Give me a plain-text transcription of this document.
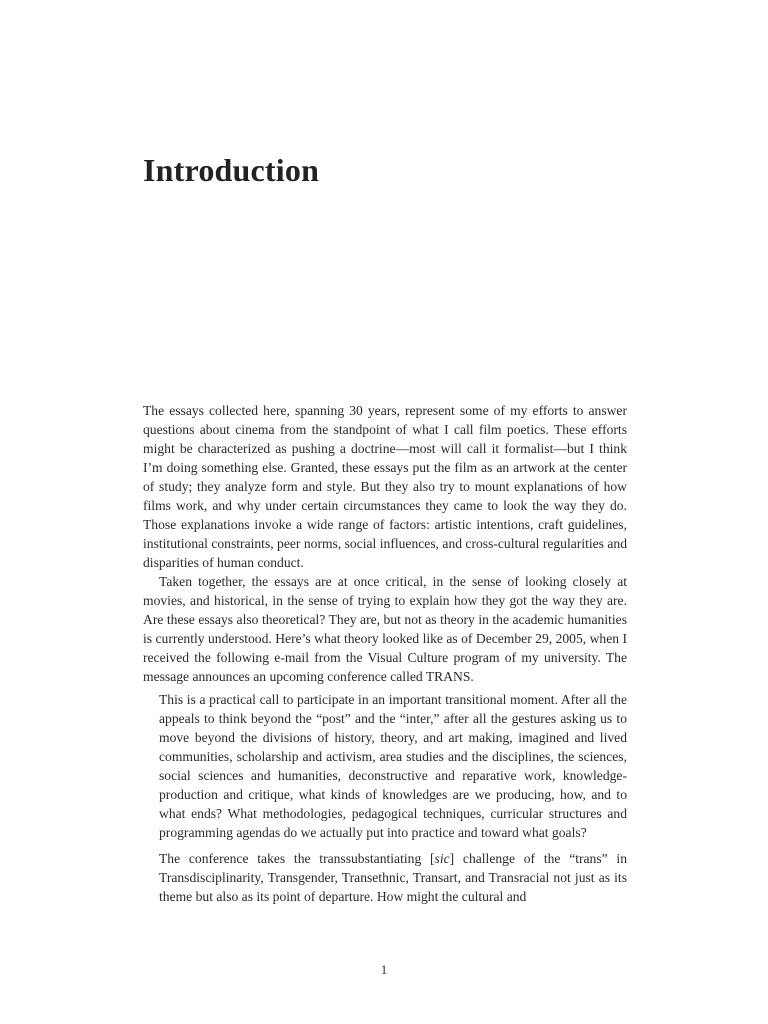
Introduction

The essays collected here, spanning 30 years, represent some of my efforts to answer questions about cinema from the standpoint of what I call film poetics. These efforts might be characterized as pushing a doctrine—most will call it formalist—but I think I’m doing something else. Granted, these essays put the film as an artwork at the center of study; they analyze form and style. But they also try to mount explanations of how films work, and why under certain circumstances they came to look the way they do. Those explanations invoke a wide range of factors: artistic intentions, craft guidelines, institutional constraints, peer norms, social influences, and cross-cultural regularities and disparities of human conduct.

Taken together, the essays are at once critical, in the sense of looking closely at movies, and historical, in the sense of trying to explain how they got the way they are. Are these essays also theoretical? They are, but not as theory in the academic humanities is currently understood. Here’s what theory looked like as of December 29, 2005, when I received the following e-mail from the Visual Culture program of my university. The message announces an upcoming conference called TRANS.

This is a practical call to participate in an important transitional moment. After all the appeals to think beyond the “post” and the “inter,” after all the gestures asking us to move beyond the divisions of history, theory, and art making, imagined and lived communities, scholarship and activism, area studies and the disciplines, the sciences, social sciences and humanities, deconstructive and reparative work, knowledge-production and critique, what kinds of knowledges are we producing, how, and to what ends? What methodologies, pedagogical techniques, curricular structures and programming agendas do we actually put into practice and toward what goals?

The conference takes the transsubstantiating [sic] challenge of the “trans” in Transdisciplinarity, Transgender, Transethnic, Transart, and Transracial not just as its theme but also as its point of departure. How might the cultural and

1
